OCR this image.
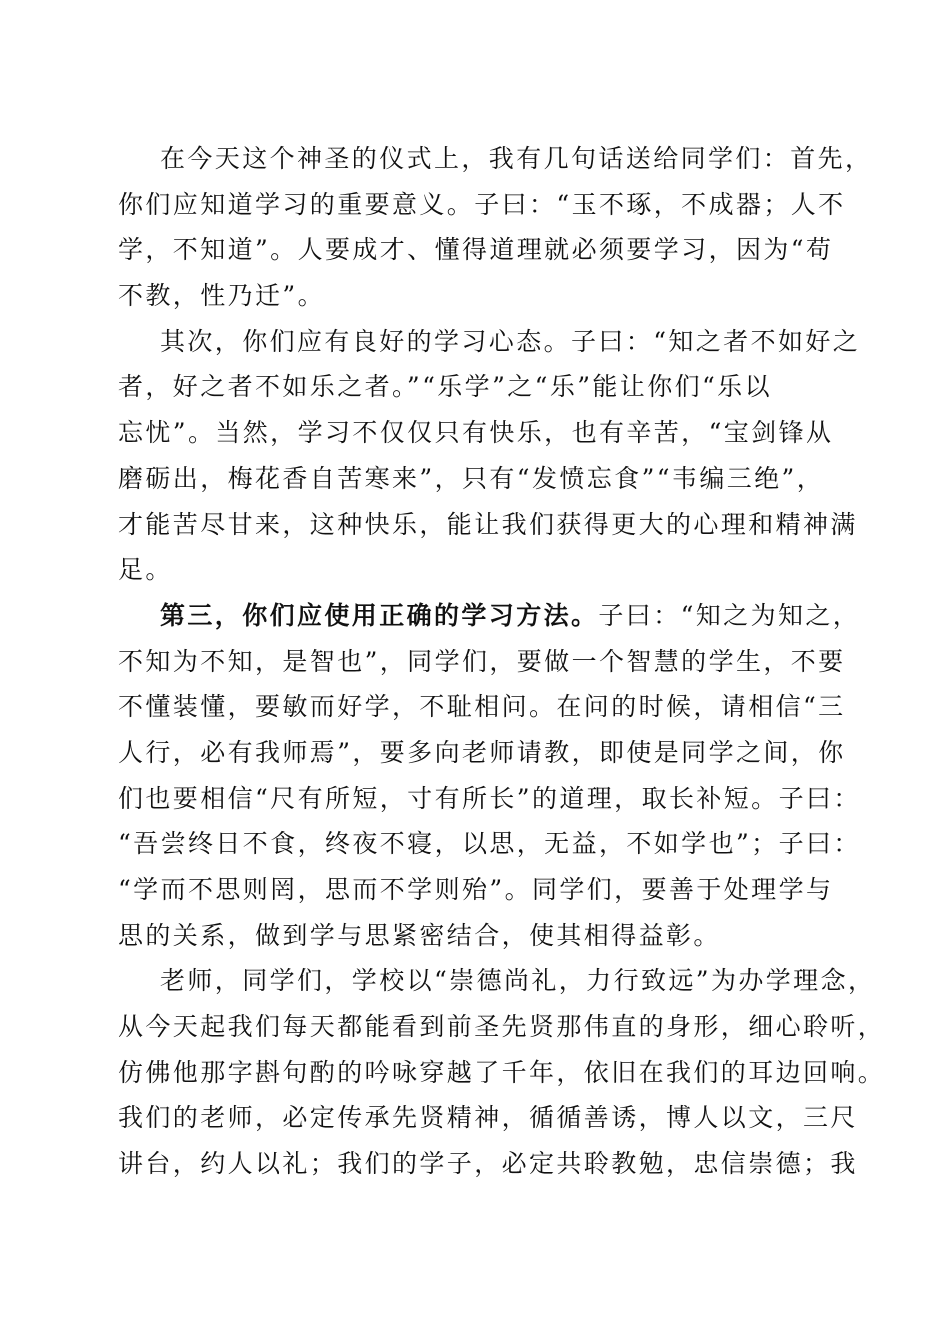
在今天这个神圣的仪式上，我有几句话送给同学们：首先，
你们应知道学习的重要意义。子曰：“玉不琢，不成器；人不
学，不知道”。人要成才、懂得道理就必须要学习，因为“苟
不教，性乃迁”。
其次，你们应有良好的学习心态。子曰：“知之者不如好之
者，好之者不如乐之者。”“乐学”之“乐”能让你们“乐以
忘忧”。当然，学习不仅仅只有快乐，也有辛苦，“宝剑锋从
磨砺出，梅花香自苦寒来”，只有“发愤忘食”“韦编三绝”，
才能苦尽甘来，这种快乐，能让我们获得更大的心理和精神满
足。
第三，你们应使用正确的学习方法。子曰：“知之为知之，
不知为不知，是智也”，同学们，要做一个智慧的学生，不要
不懂装懂，要敏而好学，不耻相问。在问的时候，请相信“三
人行，必有我师焉”，要多向老师请教，即使是同学之间，你
们也要相信“尺有所短，寸有所长”的道理，取长补短。子曰：
“吾尝终日不食，终夜不寝，以思，无益，不如学也”；子曰：
“学而不思则罔，思而不学则殆”。同学们，要善于处理学与
思的关系，做到学与思紧密结合，使其相得益彰。
老师，同学们，学校以“崇德尚礼，力行致远”为办学理念，
从今天起我们每天都能看到前圣先贤那伟直的身形，细心聆听，
仿佛他那字斟句酌的吟咏穿越了千年，依旧在我们的耳边回响。
我们的老师，必定传承先贤精神，循循善诱，博人以文，三尺
讲台，约人以礼；我们的学子，必定共聆教勉，忠信崇德；我
